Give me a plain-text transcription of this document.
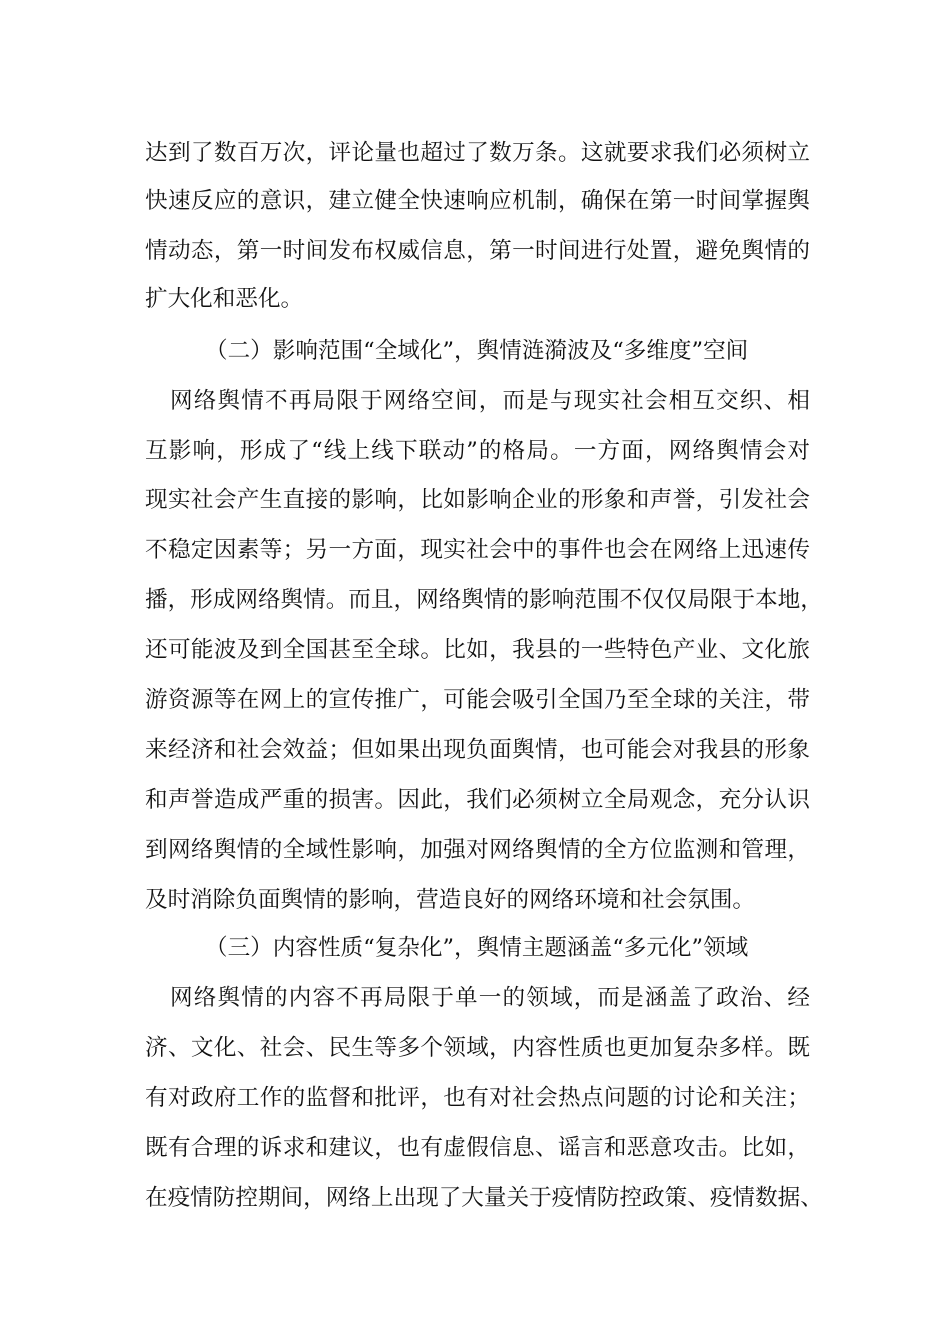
达到了数百万次，评论量也超过了数万条。这就要求我们必须树立
快速反应的意识，建立健全快速响应机制，确保在第一时间掌握舆
情动态，第一时间发布权威信息，第一时间进行处置，避免舆情的
扩大化和恶化。
（二）影响范围“全域化”，舆情涟漪波及“多维度”空间
网络舆情不再局限于网络空间，而是与现实社会相互交织、相
互影响，形成了“线上线下联动”的格局。一方面，网络舆情会对
现实社会产生直接的影响，比如影响企业的形象和声誉，引发社会
不稳定因素等；另一方面，现实社会中的事件也会在网络上迅速传
播，形成网络舆情。而且，网络舆情的影响范围不仅仅局限于本地，
还可能波及到全国甚至全球。比如，我县的一些特色产业、文化旅
游资源等在网上的宣传推广，可能会吸引全国乃至全球的关注，带
来经济和社会效益；但如果出现负面舆情，也可能会对我县的形象
和声誉造成严重的损害。因此，我们必须树立全局观念，充分认识
到网络舆情的全域性影响，加强对网络舆情的全方位监测和管理，
及时消除负面舆情的影响，营造良好的网络环境和社会氛围。
（三）内容性质“复杂化”，舆情主题涵盖“多元化”领域
网络舆情的内容不再局限于单一的领域，而是涵盖了政治、经
济、文化、社会、民生等多个领域，内容性质也更加复杂多样。既
有对政府工作的监督和批评，也有对社会热点问题的讨论和关注；
既有合理的诉求和建议，也有虚假信息、谣言和恶意攻击。比如，
在疫情防控期间，网络上出现了大量关于疫情防控政策、疫情数据、
